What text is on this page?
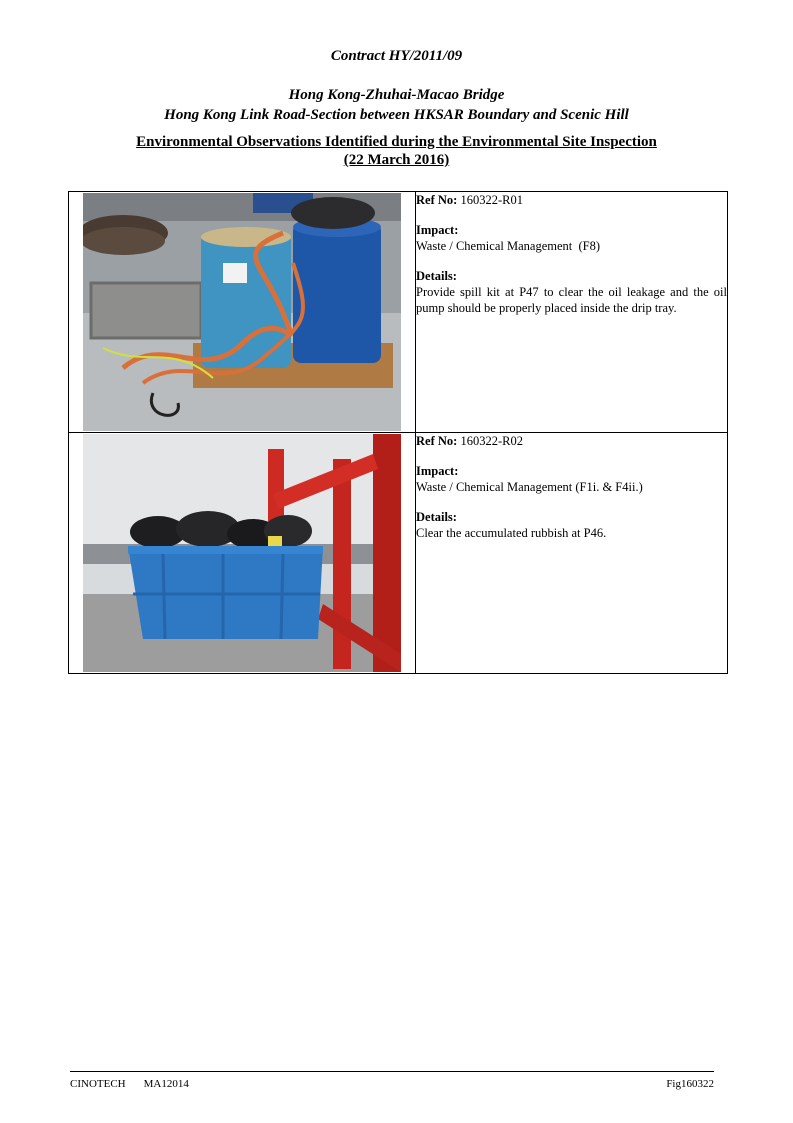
Contract HY/2011/09

Hong Kong-Zhuhai-Macao Bridge

Hong Kong Link Road-Section between HKSAR Boundary and Scenic Hill

Environmental Observations Identified during the Environmental Site Inspection

(22 March 2016)

Ref No: 160322-R01
Impact:
Waste / Chemical Management  (F8)
Details:
Provide spill kit at P47 to clear the oil leakage and the oil pump should be properly placed inside the drip tray.

Ref No: 160322-R02
Impact:
Waste / Chemical Management (F1i. & F4ii.)
Details:
Clear the accumulated rubbish at P46.
CINOTECH MA12014	Fig160322
